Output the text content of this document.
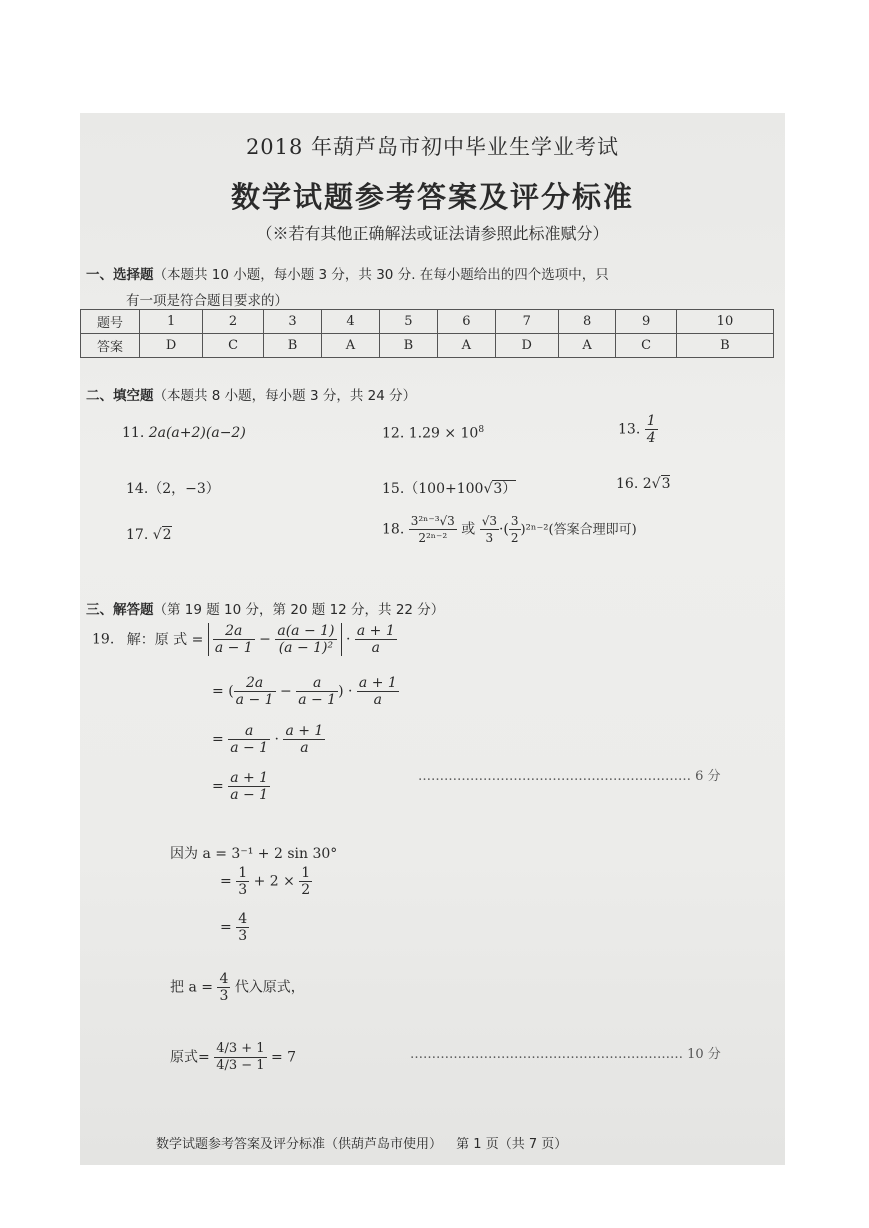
2018 年葫芦岛市初中毕业生学业考试
数学试题参考答案及评分标准
（※若有其他正确解法或证法请参照此标准赋分）
一、选择题（本题共 10 小题，每小题 3 分，共 30 分. 在每小题给出的四个选项中，只
有一项是符合题目要求的）
题号	1	2	3	4	5	6	7	8	9	10
答案	D	C	B	A	B	A	D	A	C	B
二、填空题（本题共 8 小题，每小题 3 分，共 24 分）
11. 2a(a+2)(a−2)	12. $1.29 \times 10^8$	13. $\frac{1}{4}$
14.（2，−3）	15.（100+100√3）	16. 2√3
17. √2	18. $\frac{\text{3²ⁿ⁻³√3}}{\text{2²ⁿ⁻²}}$ 或 $\frac{√3}{3}$ ·( $\frac{3}{2} )^{2n-2}$(答案合理即可)
三、解答题（第 19 题 10 分，第 20 题 12 分，共 22 分）
19. 解：原 式 = $\frac{2a}{a - 1} - \frac{a(a - 1)}{\text{(a − 1)²}} \cdot \frac{a + 1}{a}$
= ( $\frac{2a}{a - 1} - \frac{a}{a - 1}$ ) · $\frac{a + 1}{a}$
= $\frac{a}{a - 1} \cdot \frac{a + 1}{a}$
= $\frac{a + 1}{a - 1}$	……………………………………………………… 6 分
因为 a = 3⁻¹ + 2 sin 30°
= $\frac{1}{3} + 2 \times \frac{1}{2}$
= $\frac{4}{3}$
把 $a = \frac{4}{3}$ 代入原式，
原式= $\frac{4/3 + 1}{4/3 - 1} = 7$	……………………………………………………… 10 分
数学试题参考答案及评分标准（供葫芦岛市使用） 第 1 页（共 7 页）
